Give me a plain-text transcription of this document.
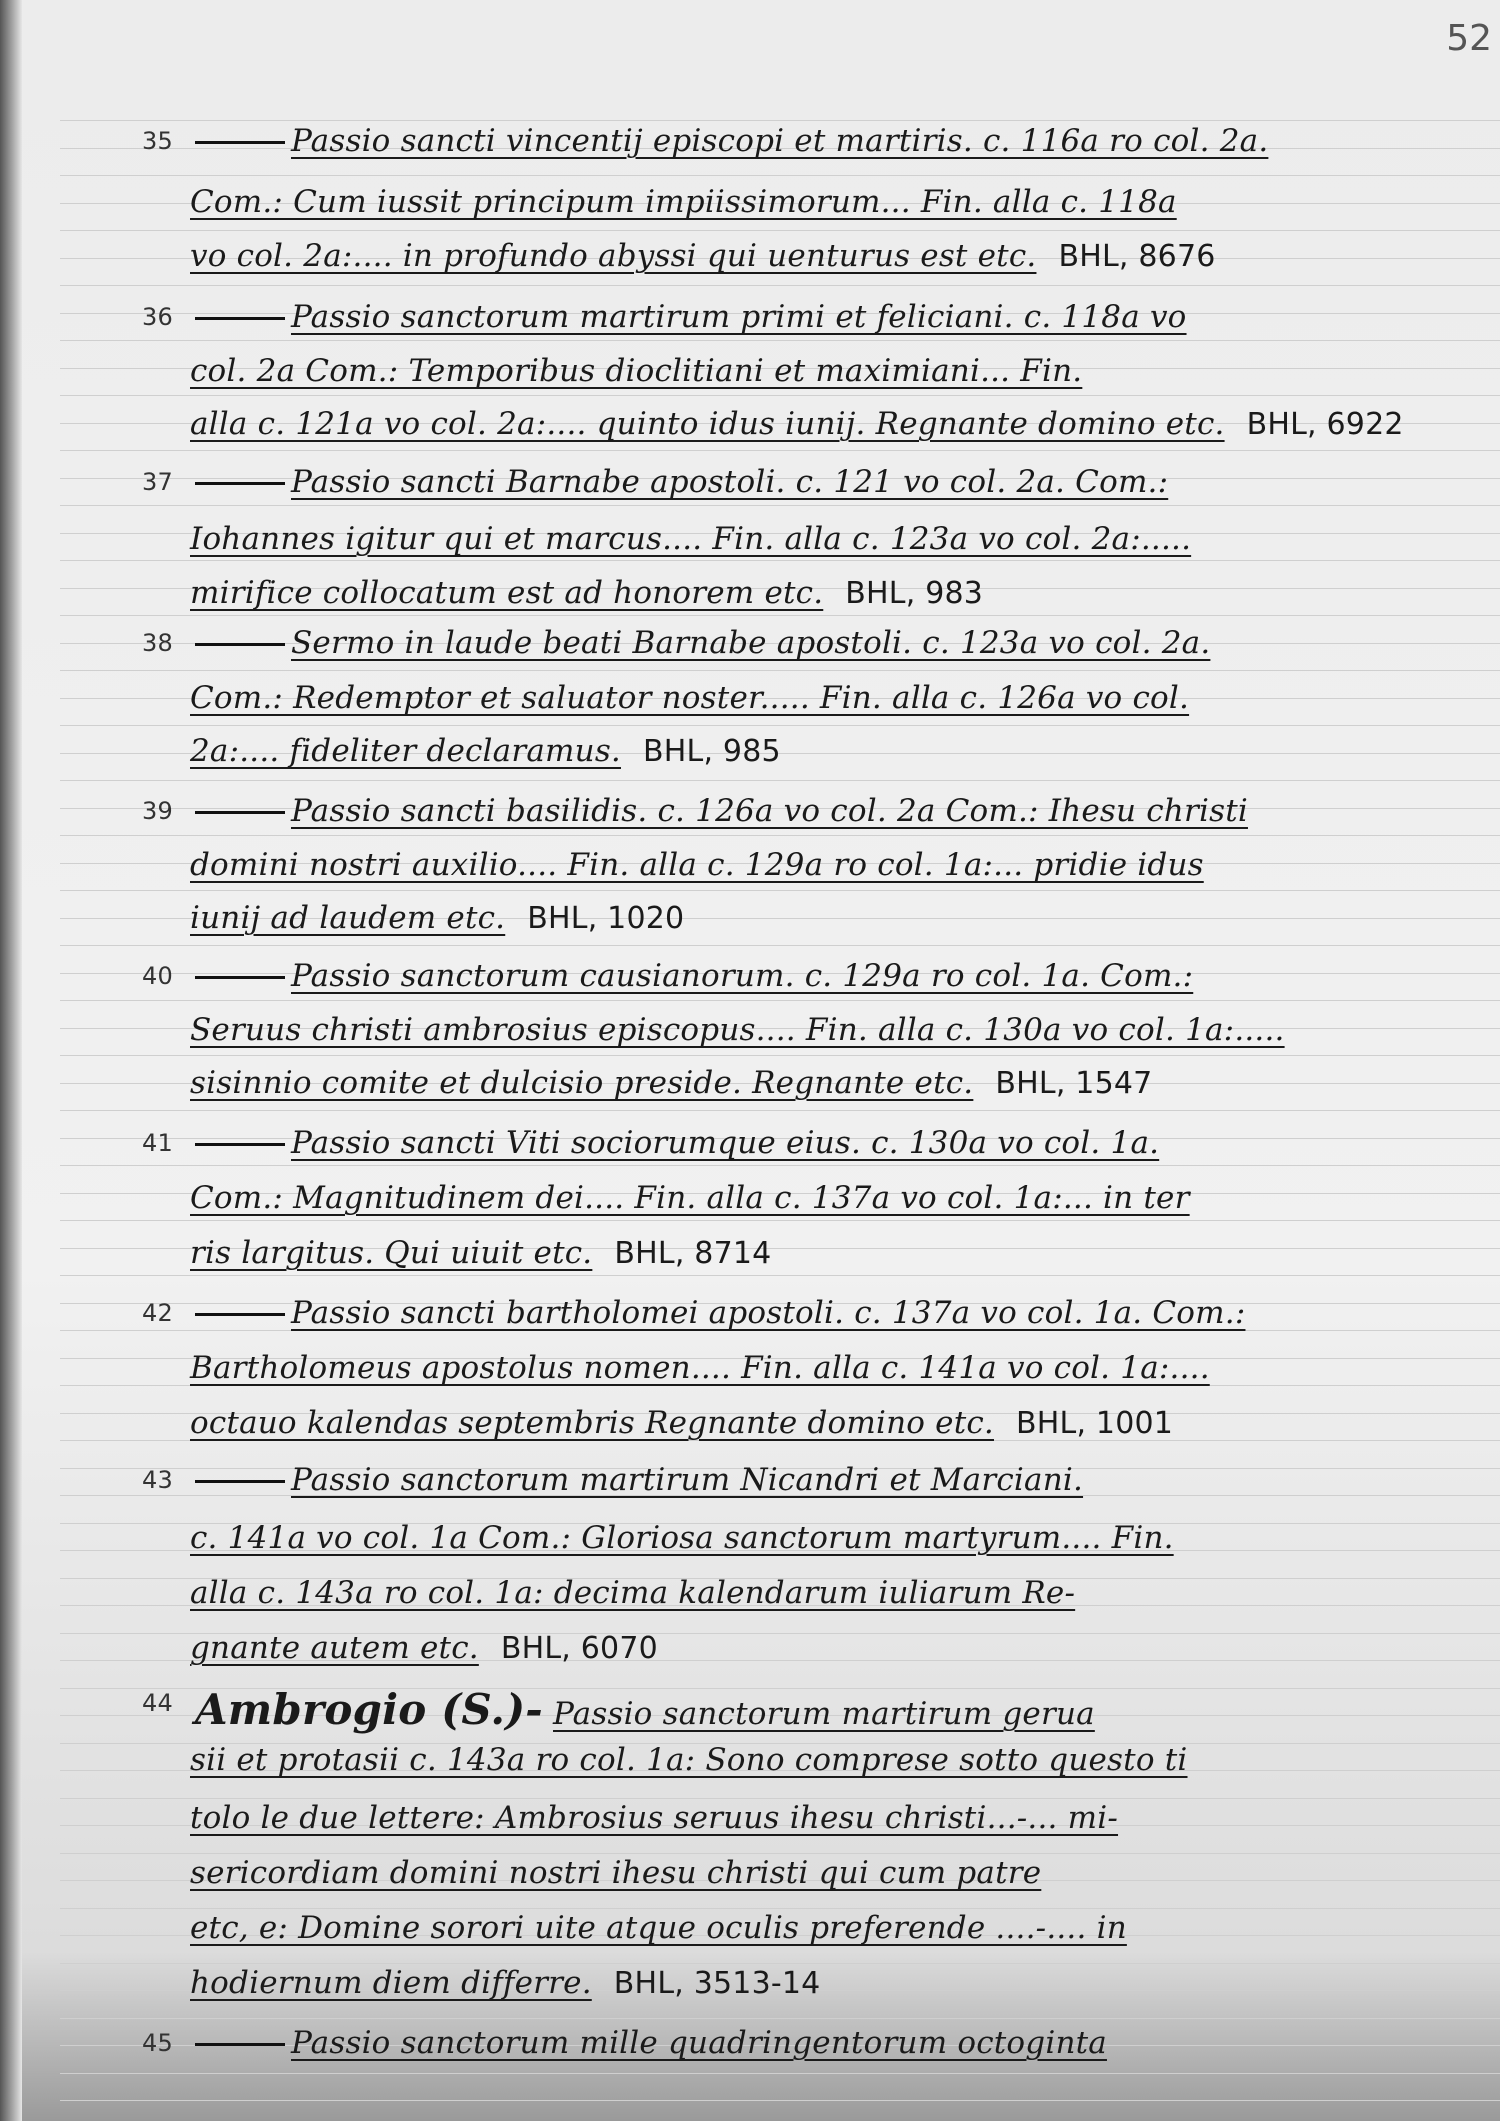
52
35	Passio sancti vincentij episcopi et martiris. c. 116a ro col. 2a.
Com.: Cum iussit principum impiissimorum... Fin. alla c. 118a
vo col. 2a:.... in profundo abyssi qui uenturus est etc. BHL, 8676
36	Passio sanctorum martirum primi et feliciani. c. 118a vo
col. 2a Com.: Temporibus dioclitiani et maximiani... Fin.
alla c. 121a vo col. 2a:.... quinto idus iunij. Regnante domino etc. BHL, 6922
37	Passio sancti Barnabe apostoli. c. 121 vo col. 2a. Com.:
Iohannes igitur qui et marcus.... Fin. alla c. 123a vo col. 2a:.....
mirifice collocatum est ad honorem etc. BHL, 983
38	Sermo in laude beati Barnabe apostoli. c. 123a vo col. 2a.
Com.: Redemptor et saluator noster..... Fin. alla c. 126a vo col.
2a:.... fideliter declaramus. BHL, 985
39	Passio sancti basilidis. c. 126a vo col. 2a Com.: Ihesu christi
domini nostri auxilio.... Fin. alla c. 129a ro col. 1a:... pridie idus
iunij ad laudem etc. BHL, 1020
40	Passio sanctorum causianorum. c. 129a ro col. 1a. Com.:
Seruus christi ambrosius episcopus.... Fin. alla c. 130a vo col. 1a:.....
sisinnio comite et dulcisio preside. Regnante etc. BHL, 1547
41	Passio sancti Viti sociorumque eius. c. 130a vo col. 1a.
Com.: Magnitudinem dei.... Fin. alla c. 137a vo col. 1a:... in ter
ris largitus. Qui uiuit etc. BHL, 8714
42	Passio sancti bartholomei apostoli. c. 137a vo col. 1a. Com.:
Bartholomeus apostolus nomen.... Fin. alla c. 141a vo col. 1a:....
octauo kalendas septembris Regnante domino etc. BHL, 1001
43	Passio sanctorum martirum Nicandri et Marciani.
c. 141a vo col. 1a Com.: Gloriosa sanctorum martyrum.... Fin.
alla c. 143a ro col. 1a: decima kalendarum iuliarum Re-
gnante autem etc. BHL, 6070
44 Ambrogio (S.)- Passio sanctorum martirum gerua
sii et protasii c. 143a ro col. 1a: Sono comprese sotto questo ti
tolo le due lettere: Ambrosius seruus ihesu christi...-... mi-
sericordiam domini nostri ihesu christi qui cum patre
etc, e: Domine sorori uite atque oculis preferende ....-.... in
hodiernum diem differre. BHL, 3513-14
45	Passio sanctorum mille quadringentorum octoginta
